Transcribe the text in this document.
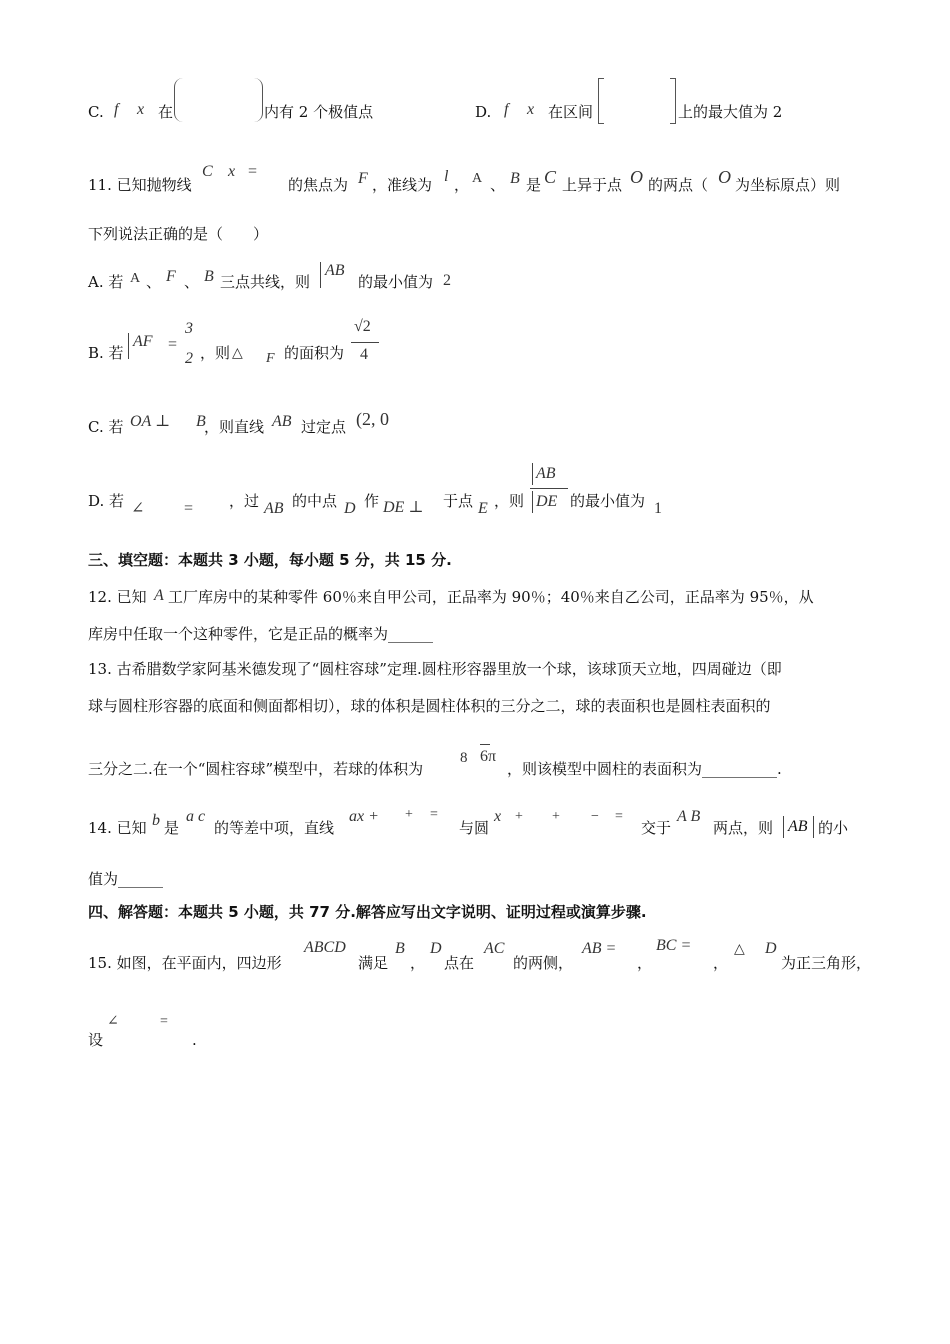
C. f x 在	内有 2 个极值点	D. f x 在区间	上的最大值为 2
11. 已知抛物线
C x =
的焦点为 F ，准线为 l ， A 、 B 是 C 上异于点 O 的两点（ O 为坐标原点）则
下列说法正确的是（　　）
A. 若 A 、 F 、 B 三点共线，则
AB
的最小值为 2
B. 若
AF =
3
2 ，则 △ F 的面积为
√2
4
C. 若 OA ⊥ B
，则直线 AB 过定点 (2, 0
D. 若 ∠ = ，过 AB 的中点 D 作 DE ⊥ 于点 E ，则
AB
DE 的最小值为 1
三、填空题：本题共 3 小题，每小题 5 分，共 15 分.
12. 已知 A 工厂库房中的某种零件 60％来自甲公司，正品率为 90％；40％来自乙公司，正品率为 95％，从
库房中任取一个这种零件，它是正品的概率为______
13. 古希腊数学家阿基米德发现了“圆柱容球”定理.圆柱形容器里放一个球，该球顶天立地，四周碰边（即
球与圆柱形容器的底面和侧面都相切），球的体积是圆柱体积的三分之二，球的表面积也是圆柱表面积的
三分之二.在一个“圆柱容球”模型中，若球的体积为
8 6π
，则该模型中圆柱的表面积为__________.
14. 已知 b 是
a c
的等差中项，直线
ax + + =
与圆
x + + − =
交于
A B
两点，则 AB 的小
值为______
四、解答题：本题共 5 小题，共 77 分.解答应写出文字说明、证明过程或演算步骤.
15. 如图，在平面内，四边形
ABCD
满足
B
，
D
点在
AC
的两侧，
AB =
，
BC =
，
△ D
为正三角形，
设
∠	=
.
